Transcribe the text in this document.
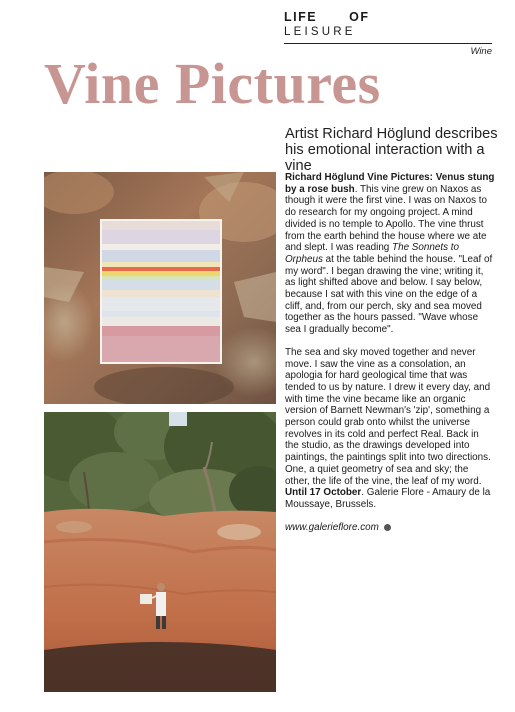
LIFE	OF
LEISURE
Wine
Vine Pictures

Artist Richard Höglund describes his emotional interaction with a vine

Richard Höglund Vine Pictures: Venus stung by a rose bush. This vine grew on Naxos as though it were the first vine. I was on Naxos to do research for my ongoing project. A mind divided is no temple to Apollo. The vine thrust from the earth behind the house where we ate and slept. I was reading The Sonnets to Orpheus at the table behind the house. "Leaf of my word". I began drawing the vine; writing it, as light shifted above and below. I say below, because I sat with this vine on the edge of a cliff, and, from our perch, sky and sea moved together as the hours passed. "Wave whose sea I gradually become".

The sea and sky moved together and never move. I saw the vine as a consolation, an apologia for hard geological time that was tended to us by nature. I drew it every day, and with time the vine became like an organic version of Barnett Newman's 'zip', something a person could grab onto whilst the universe revolves in its cold and perfect Real. Back in the studio, as the drawings developed into paintings, the paintings split into two directions. One, a quiet geometry of sea and sky; the other, the life of the vine, the leaf of my word. Until 17 October. Galerie Flore - Amaury de la Moussaye, Brussels.

www.galerieflore.com
